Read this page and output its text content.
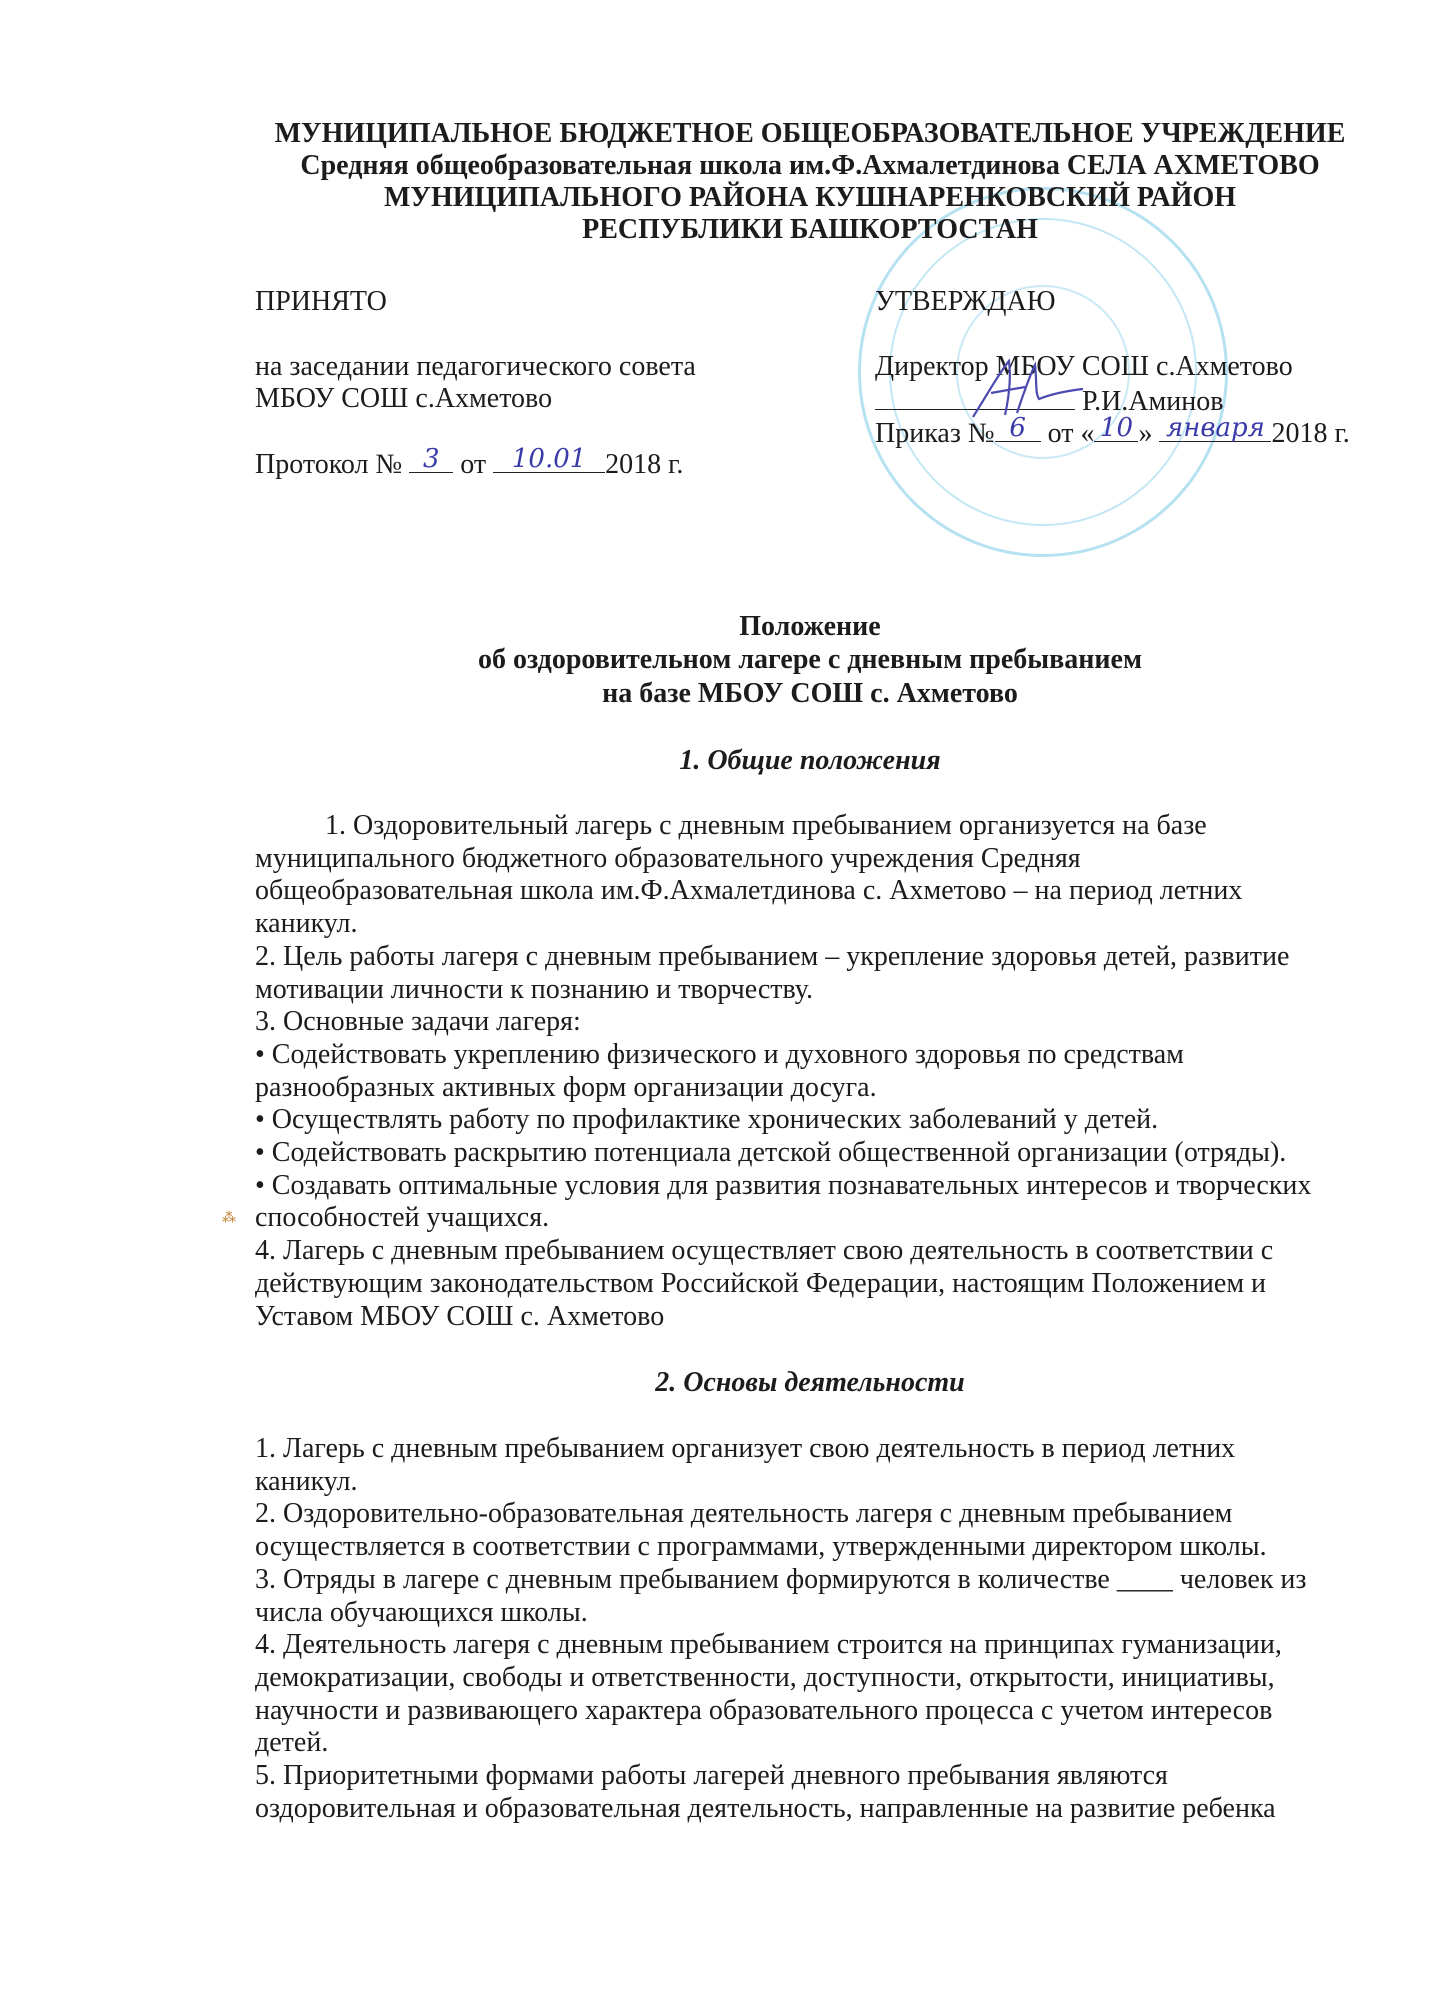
МУНИЦИПАЛЬНОЕ БЮДЖЕТНОЕ ОБЩЕОБРАЗОВАТЕЛЬНОЕ УЧРЕЖДЕНИЕ
Средняя общеобразовательная школа им.Ф.Ахмалетдинова СЕЛА АХМЕТОВО
МУНИЦИПАЛЬНОГО РАЙОНА КУШНАРЕНКОВСКИЙ РАЙОН
РЕСПУБЛИКИ БАШКОРТОСТАН
ПРИНЯТО
на заседании педагогического совета
МБОУ СОШ с.Ахметово
Протокол № 3 от 10.01 2018 г.
УТВЕРЖДАЮ
Директор МБОУ СОШ с.Ахметово
Р.И.Аминов
Приказ № 6 от « 10 » января 2018 г.
Положение
об оздоровительном лагере с дневным пребыванием
на базе МБОУ СОШ с. Ахметово
1. Общие положения
1. Оздоровительный лагерь с дневным пребыванием организуется на базе
муниципального бюджетного образовательного учреждения Средняя
общеобразовательная школа им.Ф.Ахмалетдинова с. Ахметово – на период летних
каникул.
2. Цель работы лагеря с дневным пребыванием – укрепление здоровья детей, развитие
мотивации личности к познанию и творчеству.
3. Основные задачи лагеря:
• Содействовать укреплению физического и духовного здоровья по средствам
разнообразных активных форм организации досуга.
• Осуществлять работу по профилактике хронических заболеваний у детей.
• Содействовать раскрытию потенциала детской общественной организации (отряды).
• Создавать оптимальные условия для развития познавательных интересов и творческих
способностей учащихся.
4. Лагерь с дневным пребыванием осуществляет свою деятельность в соответствии с
действующим законодательством Российской Федерации, настоящим Положением и
Уставом МБОУ СОШ с. Ахметово
2. Основы деятельности
1. Лагерь с дневным пребыванием организует свою деятельность в период летних
каникул.
2. Оздоровительно-образовательная деятельность лагеря с дневным пребыванием
осуществляется в соответствии с программами, утвержденными директором школы.
3. Отряды в лагере с дневным пребыванием формируются в количестве ____ человек из
числа обучающихся школы.
4. Деятельность лагеря с дневным пребыванием строится на принципах гуманизации,
демократизации, свободы и ответственности, доступности, открытости, инициативы,
научности и развивающего характера образовательного процесса с учетом интересов
детей.
5. Приоритетными формами работы лагерей дневного пребывания являются
оздоровительная и образовательная деятельность, направленные на развитие ребенка
⁂
